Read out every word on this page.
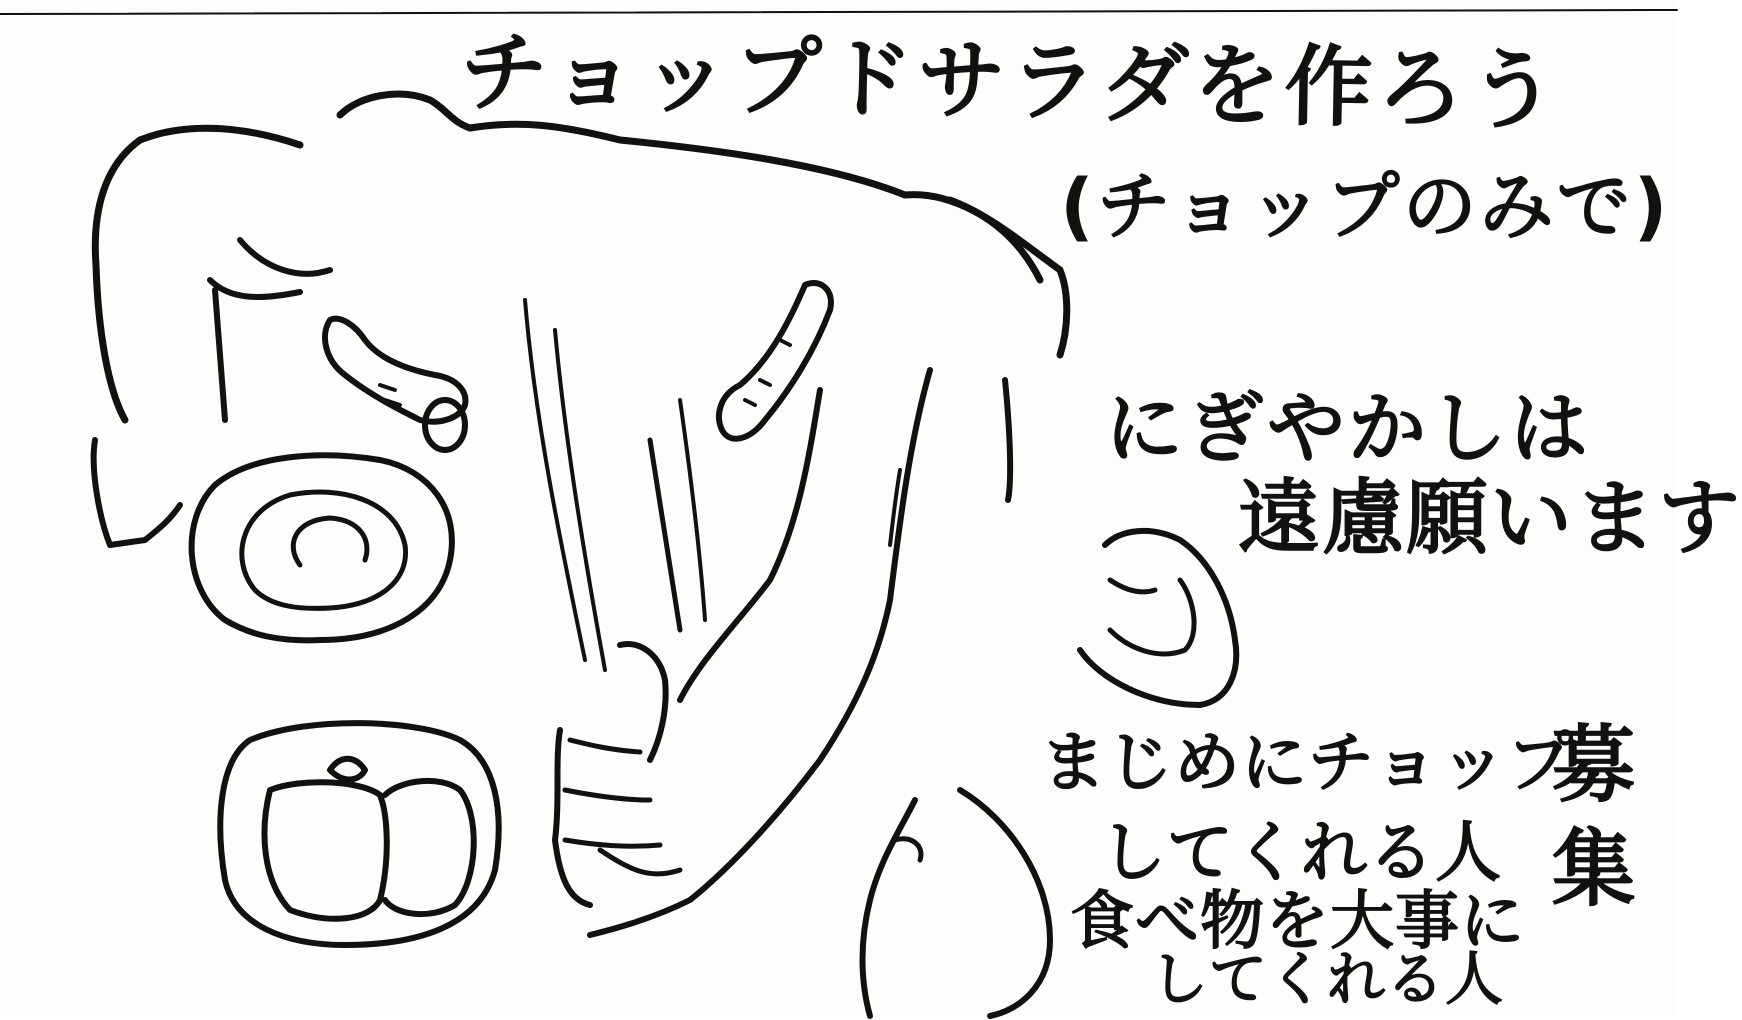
チョップドサラダを作ろう
(チョップのみで)
にぎやかしは
遠慮願います
まじめにチョップ
してくれる人
食べ物を大事に
してくれる人
募集
